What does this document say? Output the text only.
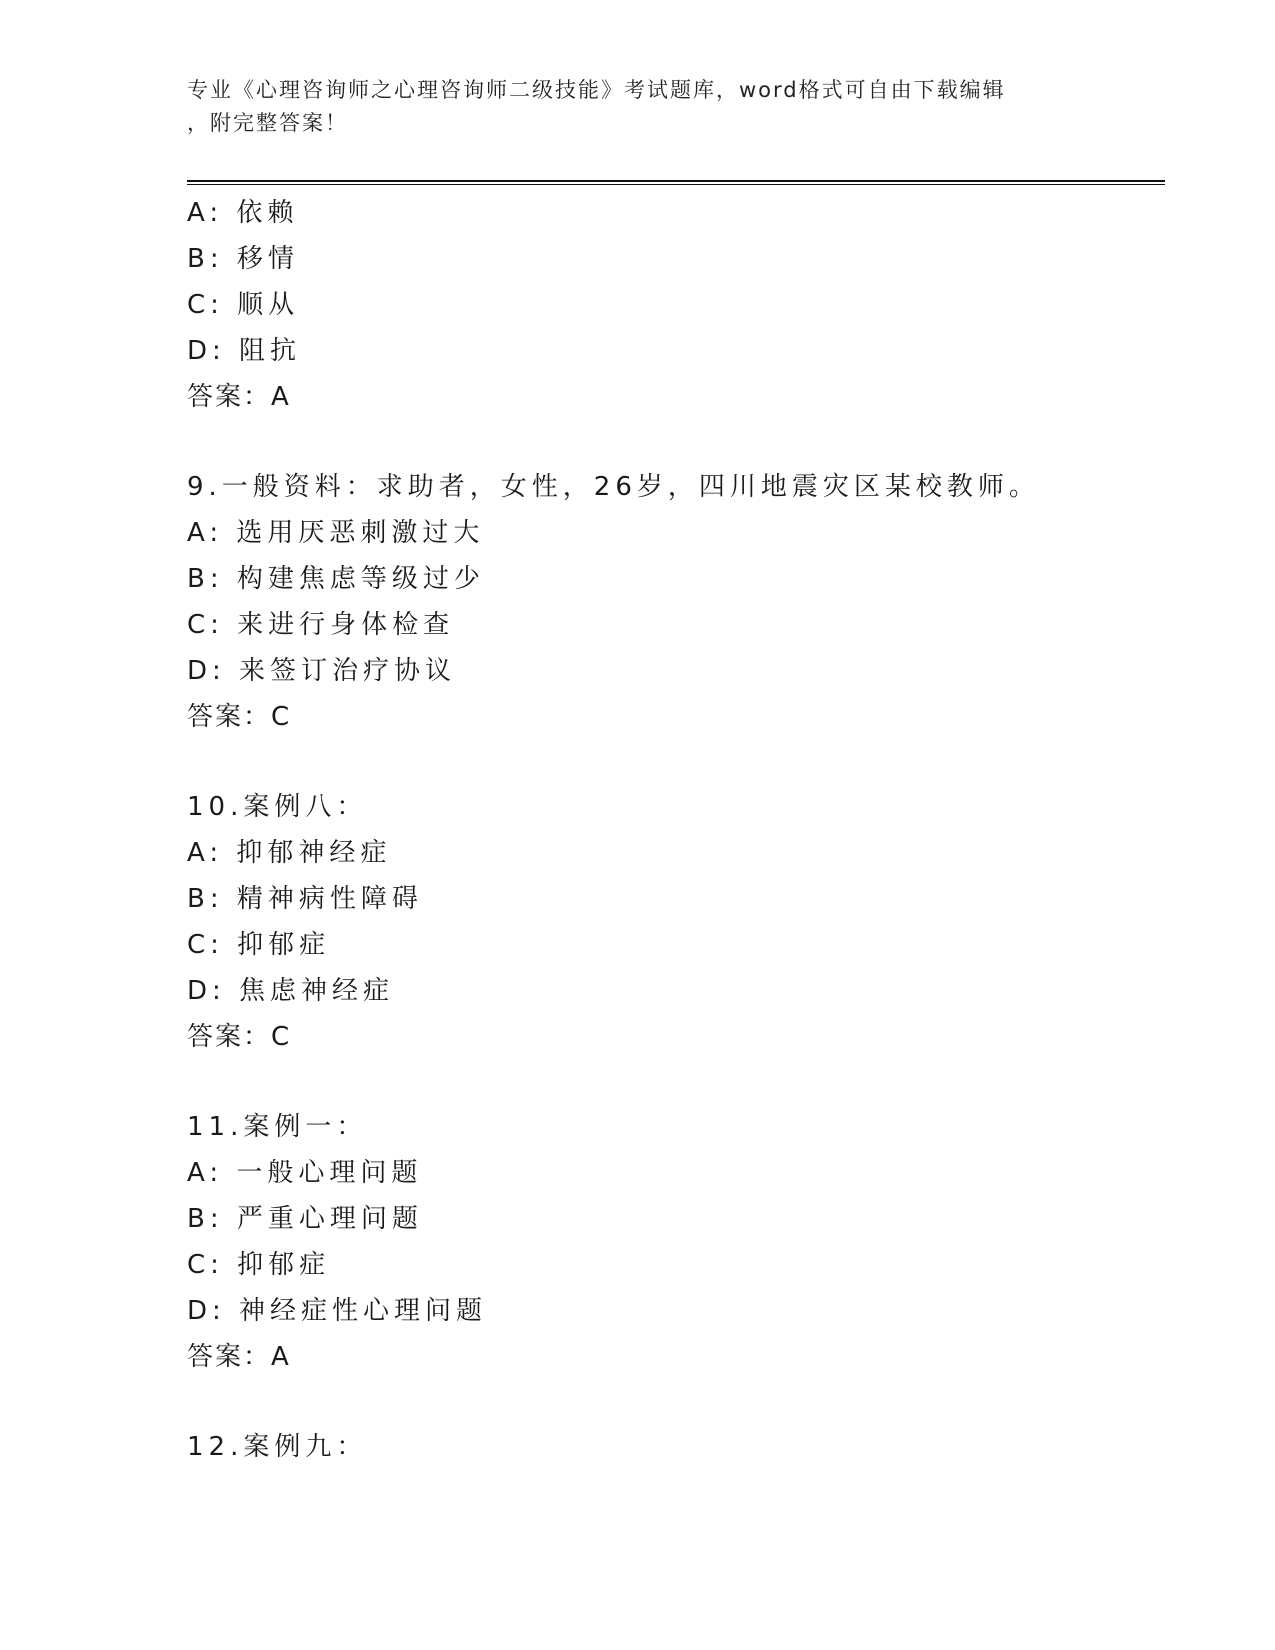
专业《心理咨询师之心理咨询师二级技能》考试题库，word格式可自由下载编辑
，附完整答案！
A: 依赖
B: 移情
C: 顺从
D: 阻抗
答案：A
9.一般资料：求助者，女性，26岁，四川地震灾区某校教师。
A: 选用厌恶刺激过大
B: 构建焦虑等级过少
C: 来进行身体检查
D: 来签订治疗协议
答案：C
10.案例八：
A: 抑郁神经症
B: 精神病性障碍
C: 抑郁症
D: 焦虑神经症
答案：C
11.案例一：
A: 一般心理问题
B: 严重心理问题
C: 抑郁症
D: 神经症性心理问题
答案：A
12.案例九：
